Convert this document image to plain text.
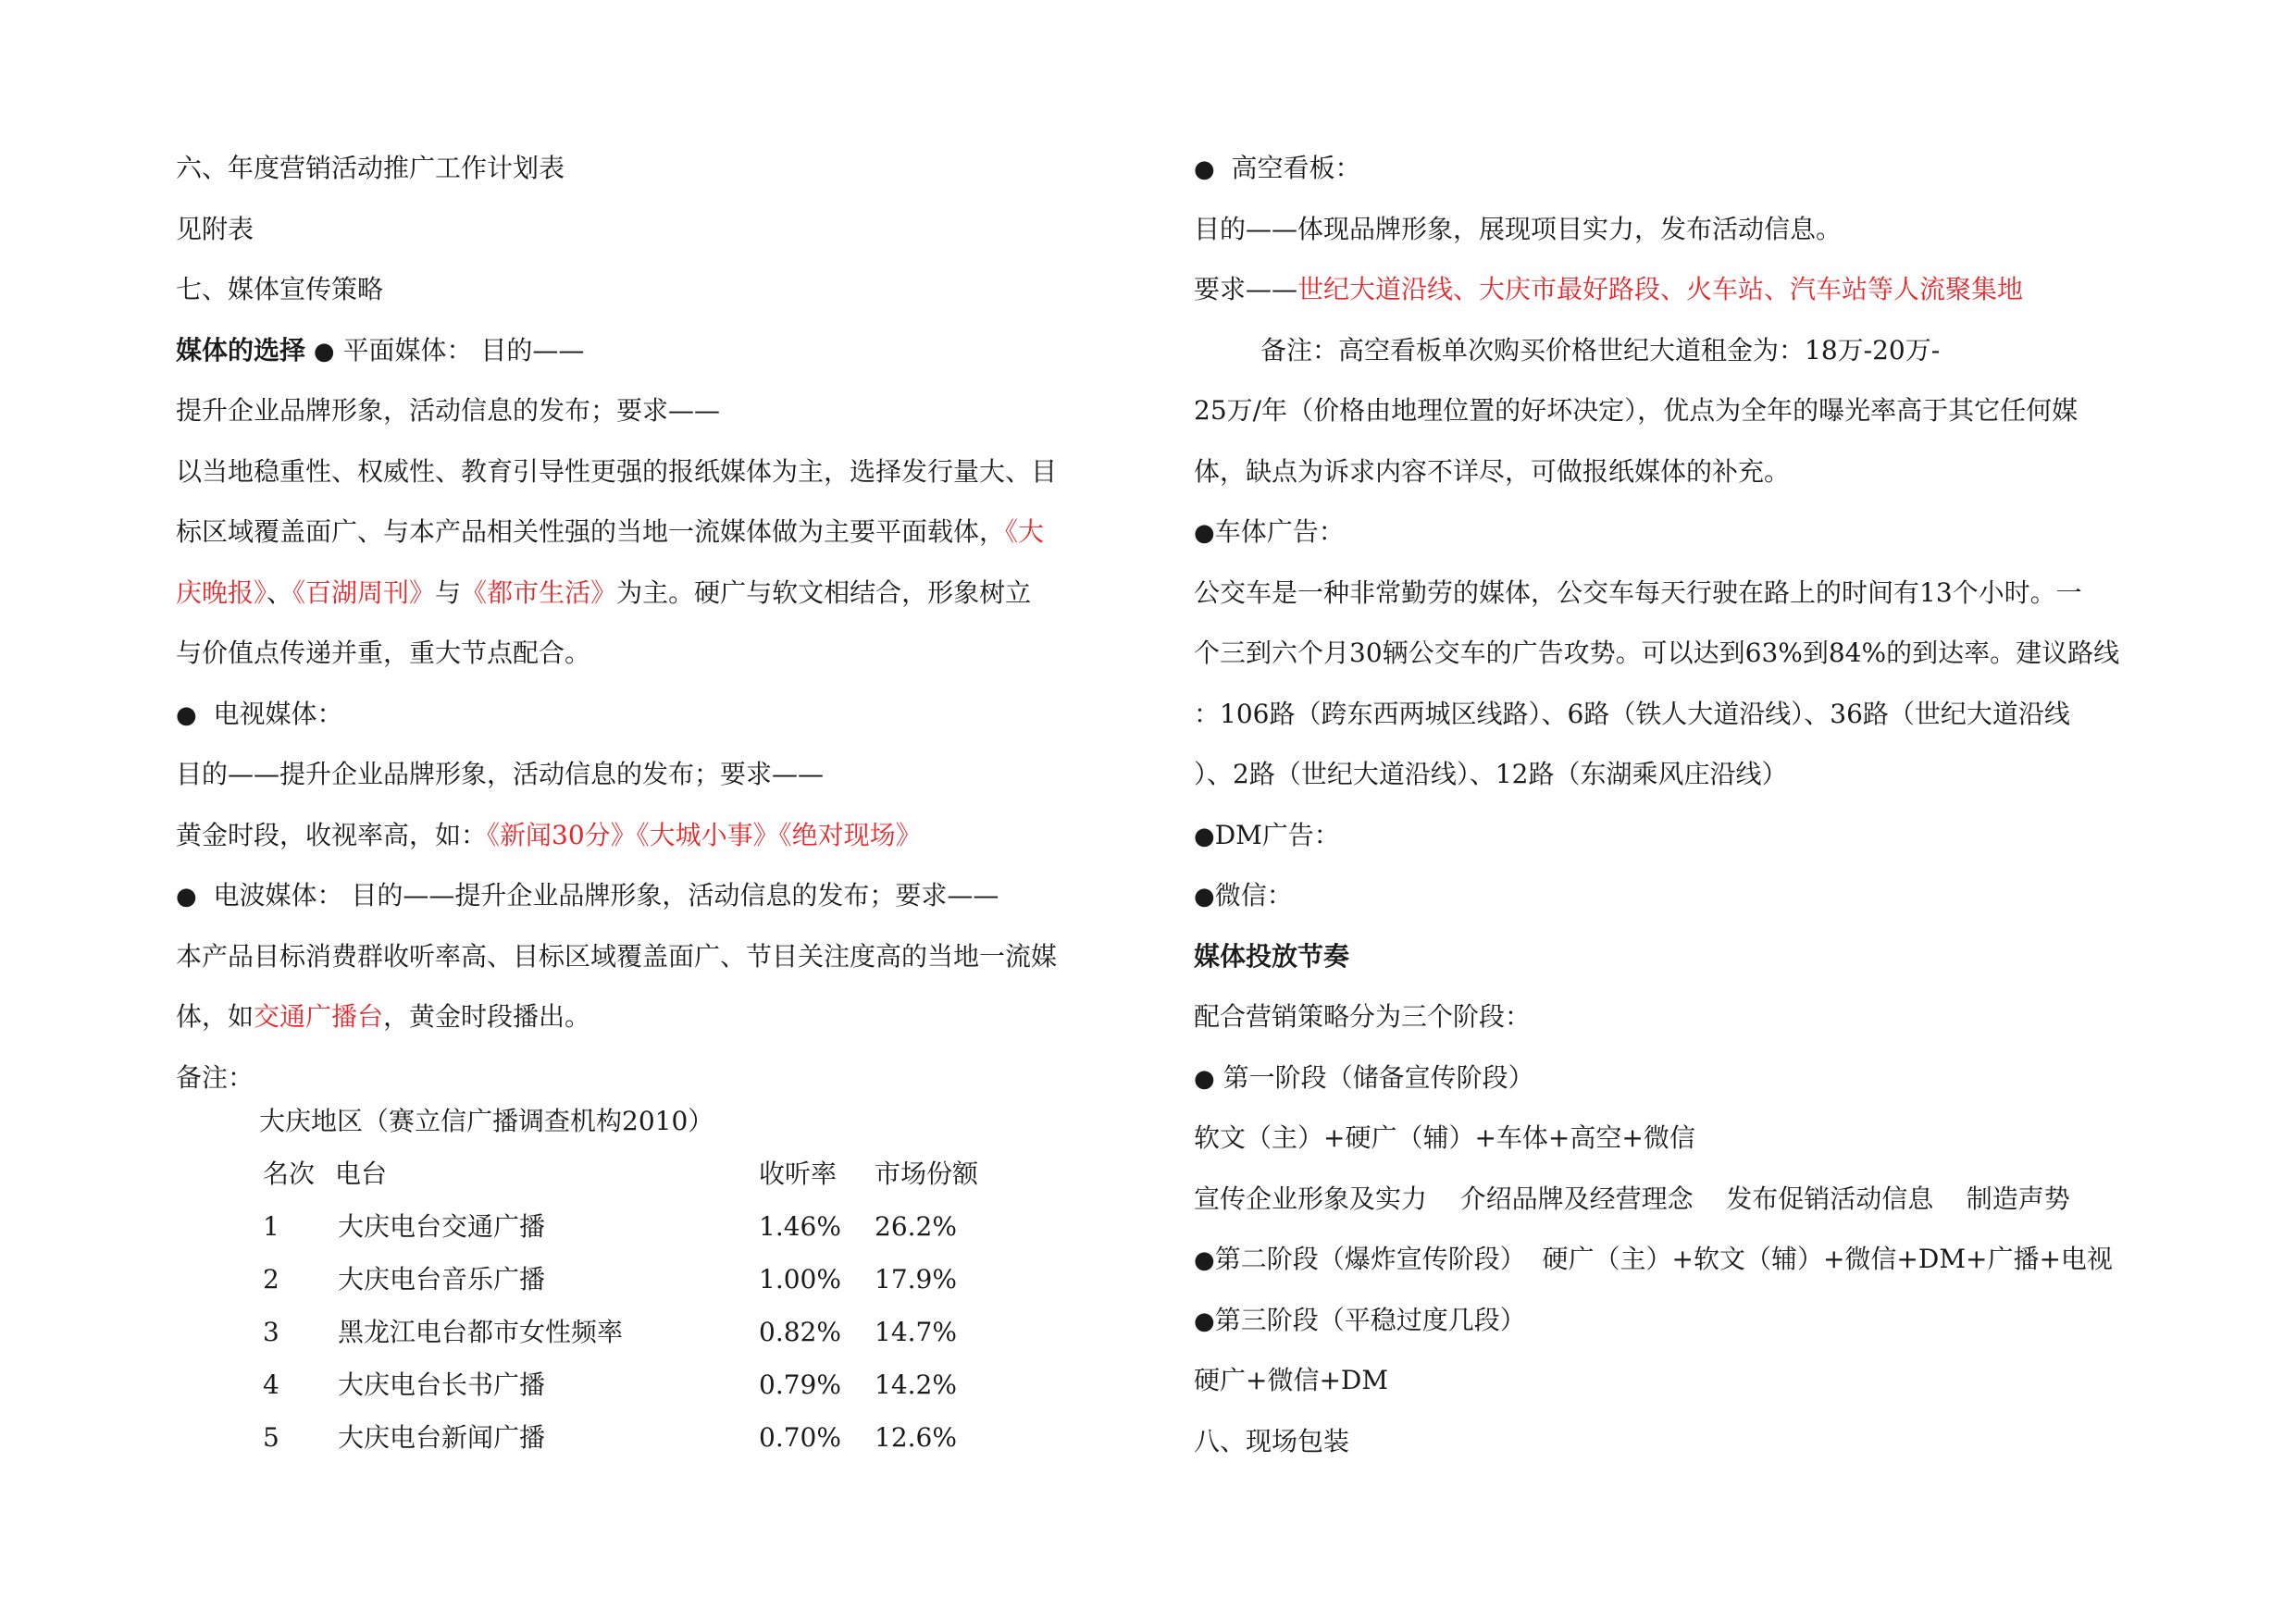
六、年度营销活动推广工作计划表
见附表
七、媒体宣传策略
媒体的选择 ● 平面媒体： 目的——
提升企业品牌形象，活动信息的发布；要求——
以当地稳重性、权威性、教育引导性更强的报纸媒体为主，选择发行量大、目
标区域覆盖面广、与本产品相关性强的当地一流媒体做为主要平面载体，《大
庆晚报》、《百湖周刊》与《都市生活》为主。硬广与软文相结合，形象树立
与价值点传递并重，重大节点配合。
● 电视媒体：
目的——提升企业品牌形象，活动信息的发布；要求——
黄金时段，收视率高，如：《新闻30分》《大城小事》《绝对现场》
● 电波媒体： 目的——提升企业品牌形象，活动信息的发布；要求——
本产品目标消费群收听率高、目标区域覆盖面广、节目关注度高的当地一流媒
体，如交通广播台，黄金时段播出。
备注：
大庆地区（赛立信广播调查机构2010）
名次 电台	收听率 市场份额
1 大庆电台交通广播	1.46% 26.2%
2 大庆电台音乐广播	1.00% 17.9%
3 黑龙江电台都市女性频率	0.82% 14.7%
4 大庆电台长书广播	0.79% 14.2%
5 大庆电台新闻广播	0.70% 12.6%
● 高空看板：
目的——体现品牌形象，展现项目实力，发布活动信息。
要求——世纪大道沿线、大庆市最好路段、火车站、汽车站等人流聚集地
备注：高空看板单次购买价格世纪大道租金为：18万-20万-
25万/年（价格由地理位置的好坏决定），优点为全年的曝光率高于其它任何媒
体，缺点为诉求内容不详尽，可做报纸媒体的补充。
●车体广告：
公交车是一种非常勤劳的媒体，公交车每天行驶在路上的时间有13个小时。一
个三到六个月30辆公交车的广告攻势。可以达到63%到84%的到达率。建议路线
：106路（跨东西两城区线路）、6路（铁人大道沿线）、36路（世纪大道沿线
）、2路（世纪大道沿线）、12路（东湖乘风庄沿线）
●DM广告：
●微信：
媒体投放节奏
配合营销策略分为三个阶段：
● 第一阶段（储备宣传阶段）
软文（主）+硬广（辅）+车体+高空+微信
宣传企业形象及实力    介绍品牌及经营理念    发布促销活动信息    制造声势
●第二阶段（爆炸宣传阶段）  硬广（主）+软文（辅）+微信+DM+广播+电视
●第三阶段（平稳过度几段）
硬广+微信+DM
八、现场包装
